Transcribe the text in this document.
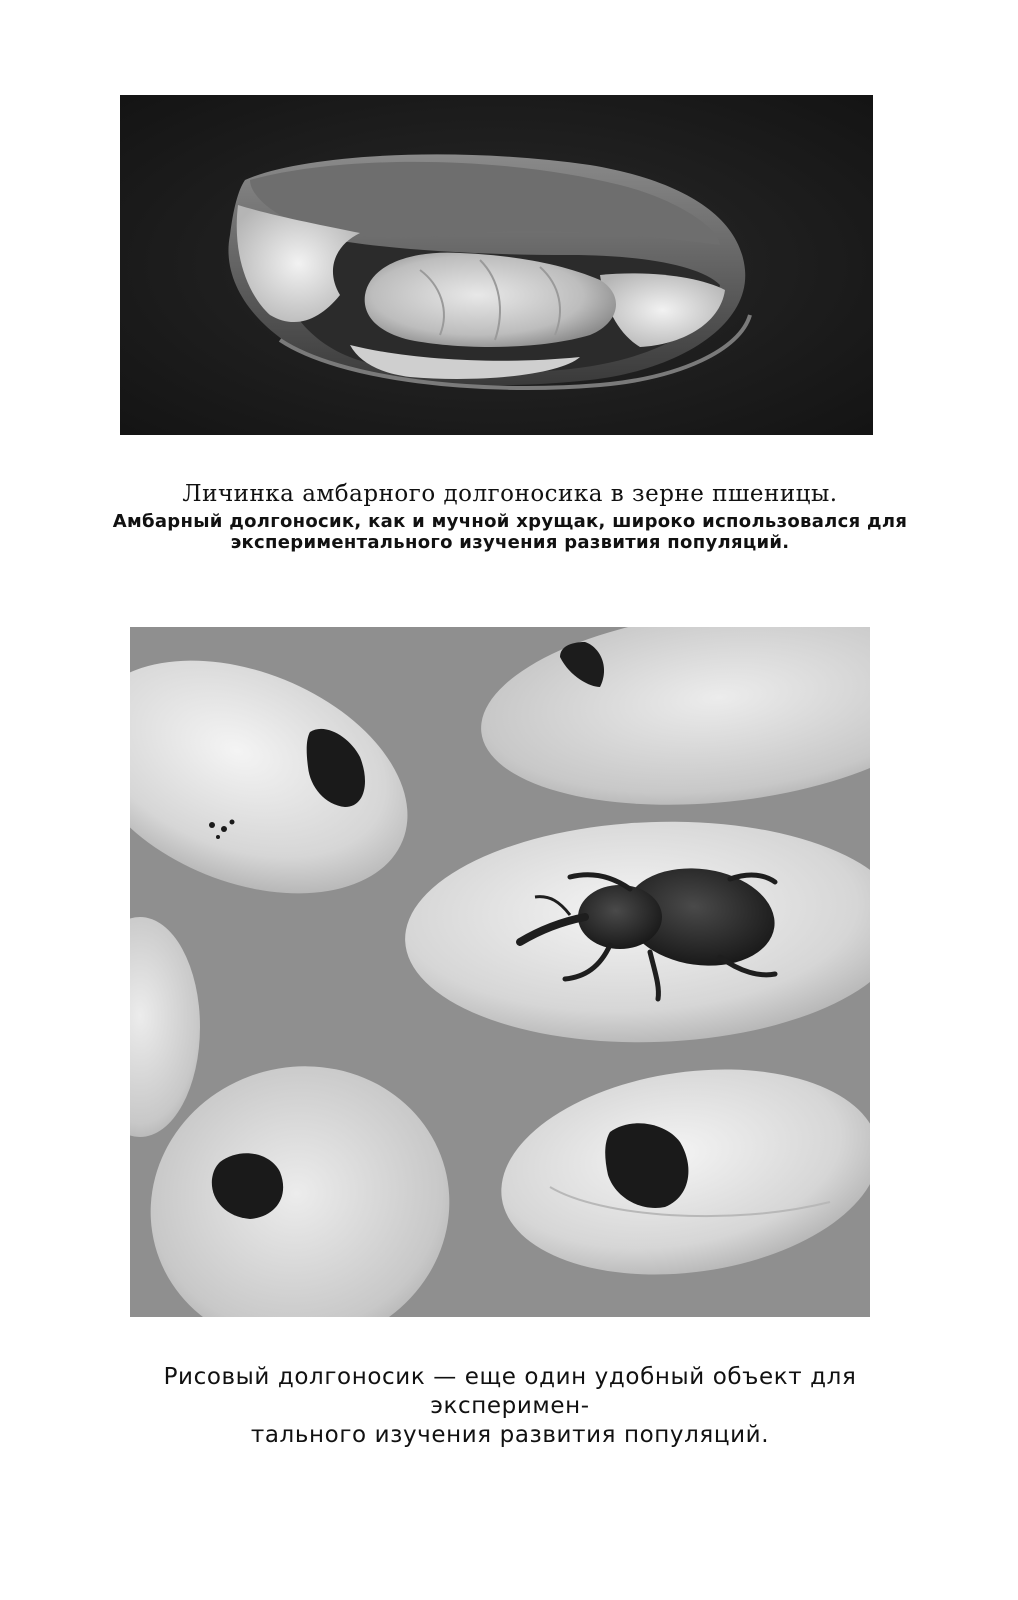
Личинка амбарного долгоносика в зерне пшеницы.
Амбарный долгоносик, как и мучной хрущак, широко использовался для
экспериментального изучения развития популяций.
Рисовый долгоносик — еще один удобный объект для эксперимен-
тального изучения развития популяций.
